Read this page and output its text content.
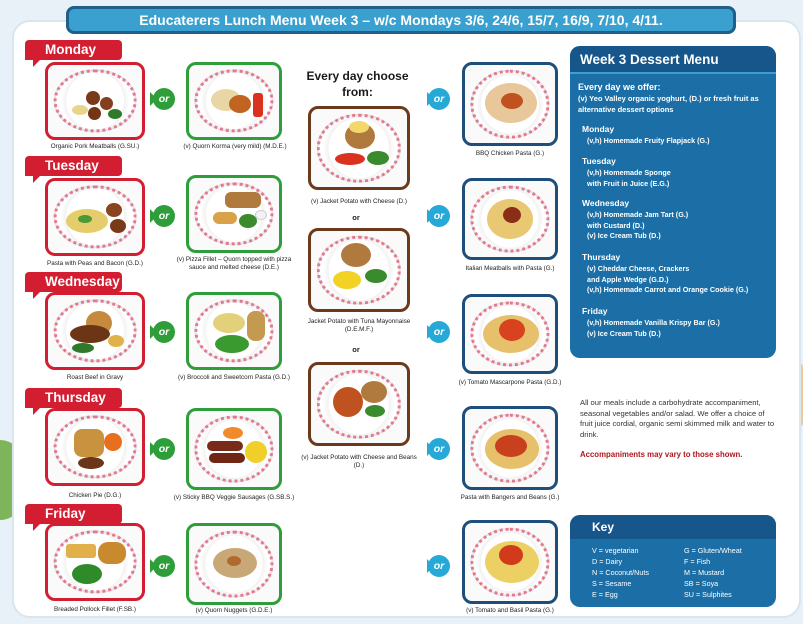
Educaterers Lunch Menu Week 3 – w/c Mondays 3/6, 24/6, 15/7, 16/9, 7/10, 4/11.
Monday
Organic Pork Meatballs (G.SU.)
or
(v) Quorn Korma (very mild) (M.D.E.)
Tuesday
Pasta with Peas and Bacon (G.D.)
or
(v) Pizza Fillet – Quorn topped with pizza sauce and melted cheese (D.E.)
Wednesday
Roast Beef in Gravy
or
(v) Broccoli and Sweetcorn Pasta (G.D.)
Thursday
Chicken Pie (D.G.)
or
(v) Sticky BBQ Veggie Sausages (G.SB.S.)
Friday
Breaded Pollock Fillet (F.SB.)
or
(v) Quorn Nuggets (G.D.E.)
Every day choose from:
(v) Jacket Potato with Cheese (D.)
or
Jacket Potato with Tuna Mayonnaise (D.E.M.F.)
or
(v) Jacket Potato with Cheese and Beans (D.)
or
BBQ Chicken Pasta (G.)
or
Italian Meatballs with Pasta (G.)
or
(v) Tomato Mascarpone Pasta (G.D.)
or
Pasta with Bangers and Beans (G.)
or
(v) Tomato and Basil Pasta (G.)
Week 3 Dessert Menu
Every day we offer:
(v) Yeo Valley organic yoghurt, (D.) or fresh fruit as alternative dessert options
Monday
(v,h) Homemade Fruity Flapjack (G.)
Tuesday
(v,h) Homemade Sponge
with Fruit in Juice (E.G.)
Wednesday
(v,h) Homemade Jam Tart (G.)
with Custard (D.)
(v) Ice Cream Tub (D.)
Thursday
(v) Cheddar Cheese, Crackers
and Apple Wedge (G.D.)
(v,h) Homemade Carrot and Orange Cookie (G.)
Friday
(v,h) Homemade Vanilla Krispy Bar (G.)
(v) Ice Cream Tub (D.)
All our meals include a carbohydrate accompaniment, seasonal vegetables and/or salad. We offer a choice of fruit juice cordial, organic semi skimmed milk and water to drink.
Accompaniments may vary to those shown.
Key
V = vegetarian
D = Dairy
N = Coconut/Nuts
S = Sesame
E = Egg
G = Gluten/Wheat
F = Fish
M = Mustard
SB = Soya
SU = Sulphites
